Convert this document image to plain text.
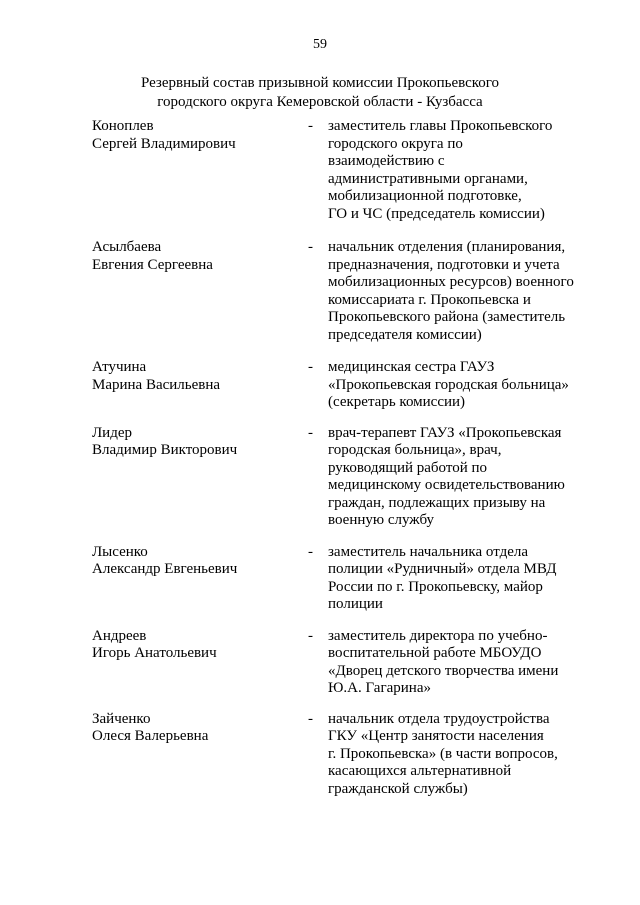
59
Резервный состав призывной комиссии Прокопьевского
городского округа Кемеровской области - Кузбасса
Коноплев
Сергей Владимирович
- заместитель главы Прокопьевского
городского округа по
взаимодействию с
административными органами,
мобилизационной подготовке,
ГО и ЧС (председатель комиссии)
Асылбаева
Евгения Сергеевна
- начальник отделения (планирования,
предназначения, подготовки и учета
мобилизационных ресурсов) военного
комиссариата г. Прокопьевска и
Прокопьевского района (заместитель
председателя комиссии)
Атучина
Марина Васильевна
- медицинская сестра ГАУЗ
«Прокопьевская городская больница»
(секретарь комиссии)
Лидер
Владимир Викторович
- врач-терапевт ГАУЗ «Прокопьевская
городская больница», врач,
руководящий работой по
медицинскому освидетельствованию
граждан, подлежащих призыву на
военную службу
Лысенко
Александр Евгеньевич
- заместитель начальника отдела
полиции «Рудничный» отдела МВД
России по г. Прокопьевску, майор
полиции
Андреев
Игорь Анатольевич
- заместитель директора по учебно-
воспитательной работе МБОУДО
«Дворец детского творчества имени
Ю.А. Гагарина»
Зайченко
Олеся Валерьевна
- начальник отдела трудоустройства
ГКУ «Центр занятости населения
г. Прокопьевска» (в части вопросов,
касающихся альтернативной
гражданской службы)
